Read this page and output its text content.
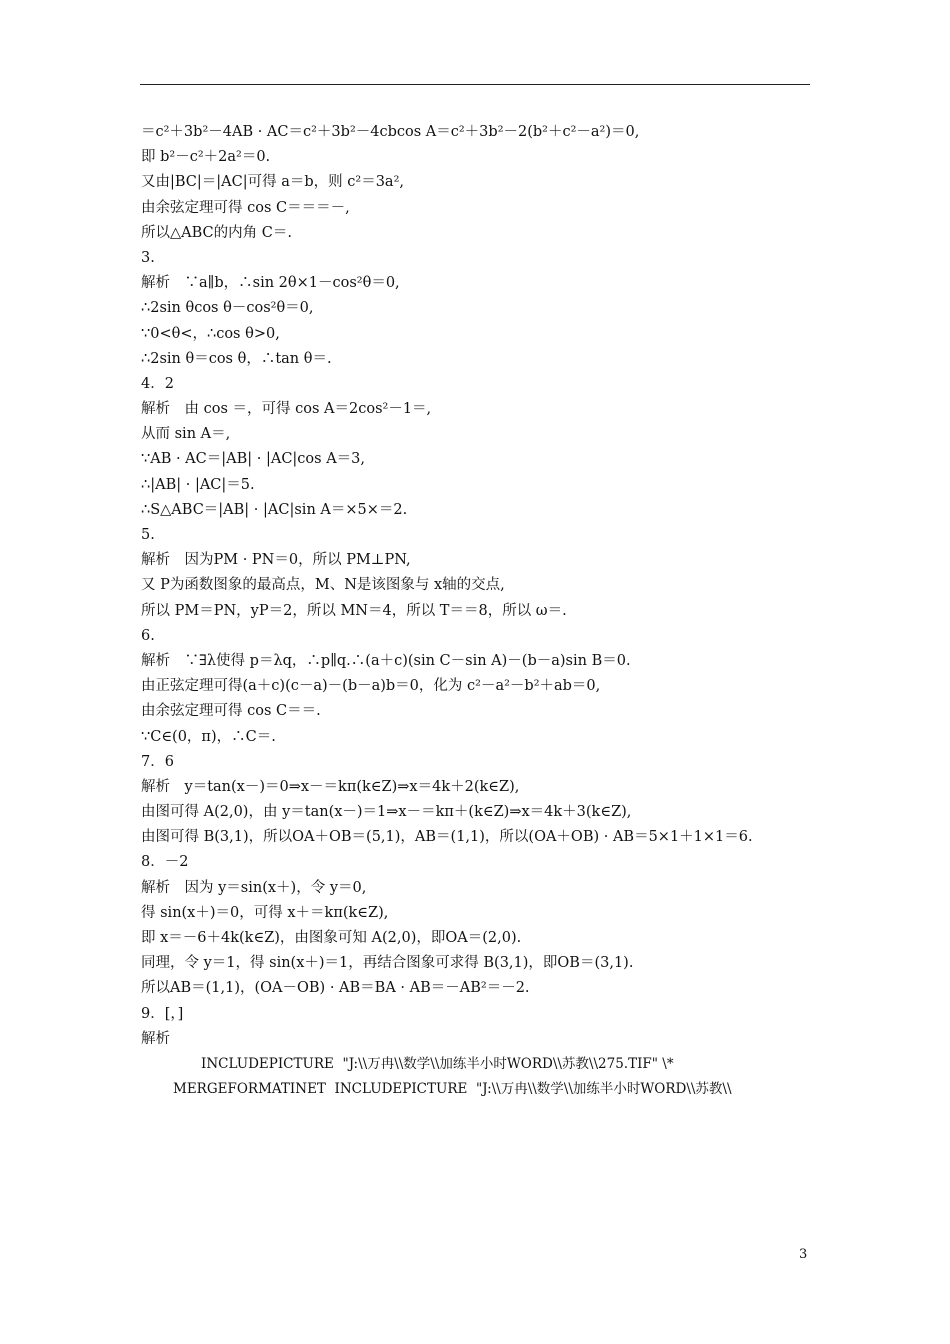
＝c²＋3b²－4AB · AC＝c²＋3b²－4cbcos A＝c²＋3b²－2(b²＋c²－a²)＝0,
即 b²－c²＋2a²＝0.
又由|BC|＝|AC|可得 a＝b，则 c²＝3a²,
由余弦定理可得 cos C＝＝＝－,
所以△ABC的内角 C＝.
3.
解析　∵a∥b，∴sin 2θ×1－cos²θ＝0,
∴2sin θcos θ－cos²θ＝0,
∵0<θ<，∴cos θ>0,
∴2sin θ＝cos θ，∴tan θ＝.
4．2
解析　由 cos ＝，可得 cos A＝2cos²－1＝,
从而 sin A＝,
∵AB · AC＝|AB| · |AC|cos A＝3,
∴|AB| · |AC|＝5.
∴S△ABC＝|AB| · |AC|sin A＝×5×＝2.
5.
解析　因为PM · PN＝0，所以 PM⊥PN,
又 P为函数图象的最高点，M、N是该图象与 x轴的交点,
所以 PM＝PN，yP＝2，所以 MN＝4，所以 T＝＝8，所以 ω＝.
6.
解析　∵∃λ使得 p＝λq，∴p∥q.∴(a＋c)(sin C－sin A)－(b－a)sin B＝0.
由正弦定理可得(a＋c)(c－a)－(b－a)b＝0，化为 c²－a²－b²＋ab＝0,
由余弦定理可得 cos C＝＝.
∵C∈(0，π)，∴C＝.
7．6
解析　y＝tan(x－)＝0⇒x－＝kπ(k∈Z)⇒x＝4k＋2(k∈Z),
由图可得 A(2,0)，由 y＝tan(x－)＝1⇒x－＝kπ＋(k∈Z)⇒x＝4k＋3(k∈Z),
由图可得 B(3,1)，所以OA＋OB＝(5,1)，AB＝(1,1)，所以(OA＋OB) · AB＝5×1＋1×1＝6.
8．－2
解析　因为 y＝sin(x＋)，令 y＝0,
得 sin(x＋)＝0，可得 x＋＝kπ(k∈Z),
即 x＝－6＋4k(k∈Z)，由图象可知 A(2,0)，即OA＝(2,0).
同理，令 y＝1，得 sin(x＋)＝1，再结合图象可求得 B(3,1)，即OB＝(3,1).
所以AB＝(1,1)，(OA－OB) · AB＝BA · AB＝－AB²＝－2.
9．[，]
解析
INCLUDEPICTURE  "J:\\万冉\\数学\\加练半小时WORD\\苏教\\275.TIF" \*
MERGEFORMATINET  INCLUDEPICTURE  "J:\\万冉\\数学\\加练半小时WORD\\苏教\\
3
